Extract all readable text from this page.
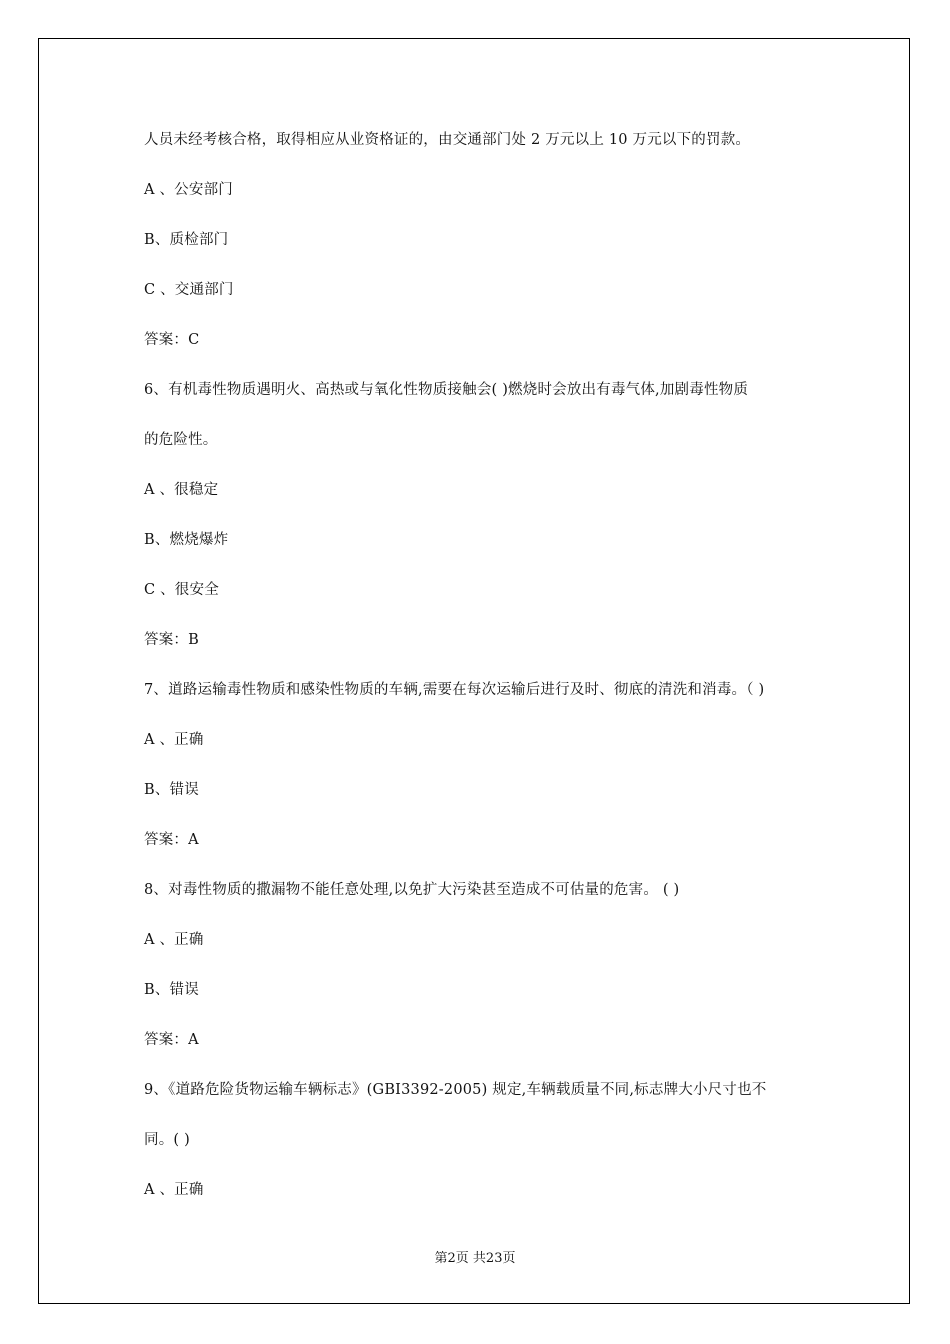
人员未经考核合格，取得相应从业资格证的，由交通部门处 2 万元以上 10 万元以下的罚款。
A 、公安部门
B、质检部门
C 、交通部门
答案：C
6、有机毒性物质遇明火、高热或与氧化性物质接触会( )燃烧时会放出有毒气体,加剧毒性物质
的危险性。
A 、很稳定
B、燃烧爆炸
C 、很安全
答案：B
7、道路运输毒性物质和感染性物质的车辆,需要在每次运输后进行及时、彻底的清洗和消毒。（ )
A 、正确
B、错误
答案：A
8、对毒性物质的撒漏物不能任意处理,以免扩大污染甚至造成不可估量的危害。 ( )
A 、正确
B、错误
答案：A
9、《道路危险货物运输车辆标志》(GBI3392-2005) 规定,车辆载质量不同,标志牌大小尺寸也不
同。( )
A 、正确
第2页 共23页
